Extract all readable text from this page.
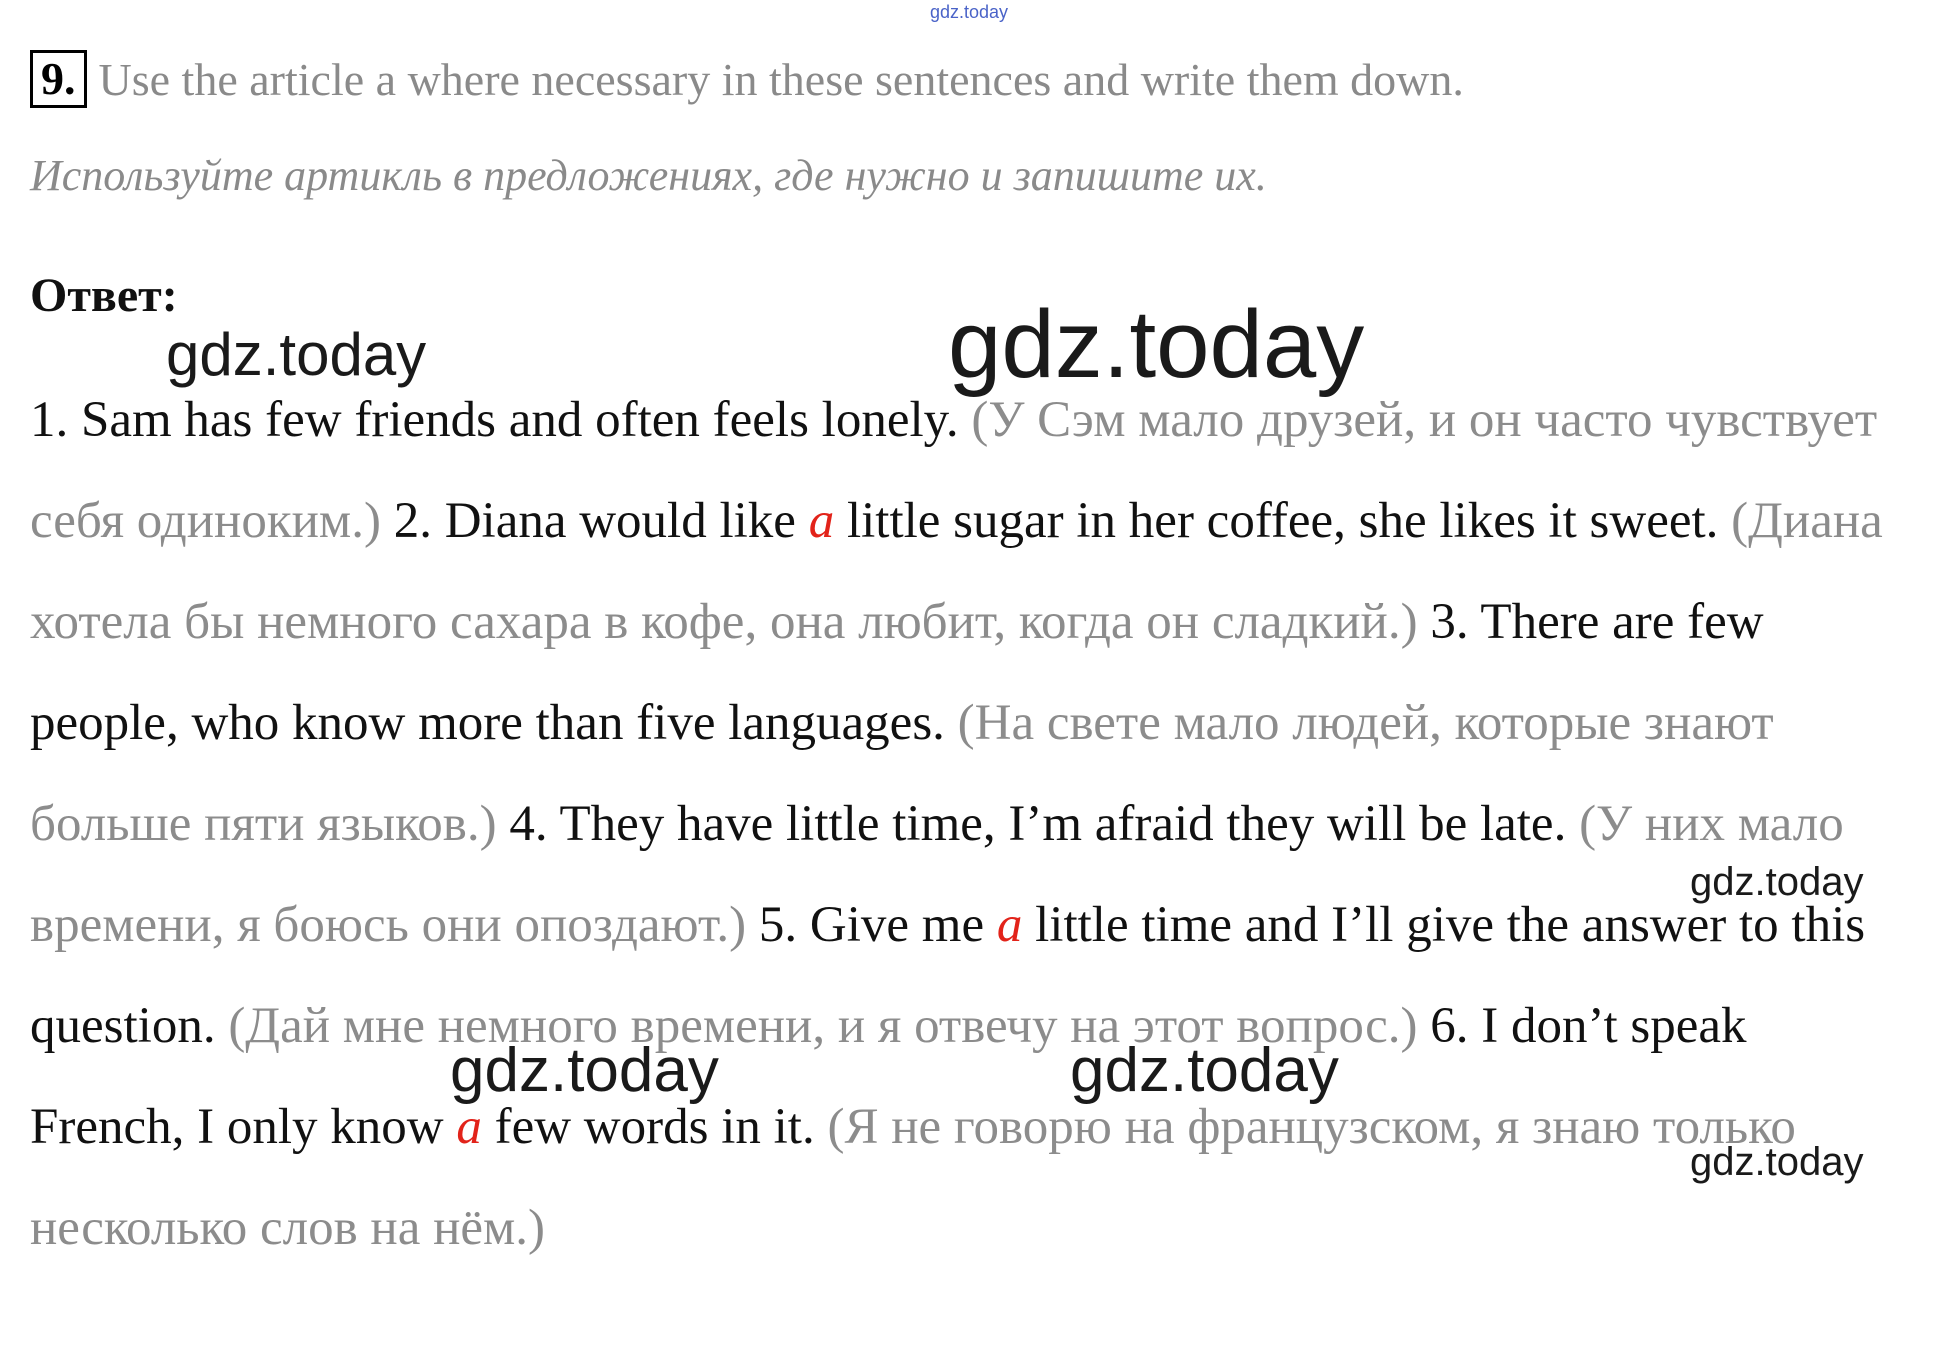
gdz.today
9. Use the article a where necessary in these sentences and write them down.
Используйте артикль в предложениях, где нужно и запишите их.
Ответ:
1. Sam has few friends and often feels lonely. (У Сэм мало друзей, и он часто чувствует себя одиноким.) 2. Diana would like a little sugar in her coffee, she likes it sweet. (Диана хотела бы немного сахара в кофе, она любит, когда он сладкий.) 3. There are few people, who know more than five languages. (На свете мало людей, которые знают больше пяти языков.) 4. They have little time, I’m afraid they will be late. (У них мало времени, я боюсь они опоздают.) 5. Give me a little time and I’ll give the answer to this question. (Дай мне немного времени, и я отвечу на этот вопрос.) 6. I don’t speak French, I only know a few words in it. (Я не говорю на французском, я знаю только несколько слов на нём.)
gdz.today	gdz.today
gdz.today
gdz.today	gdz.today
gdz.today
